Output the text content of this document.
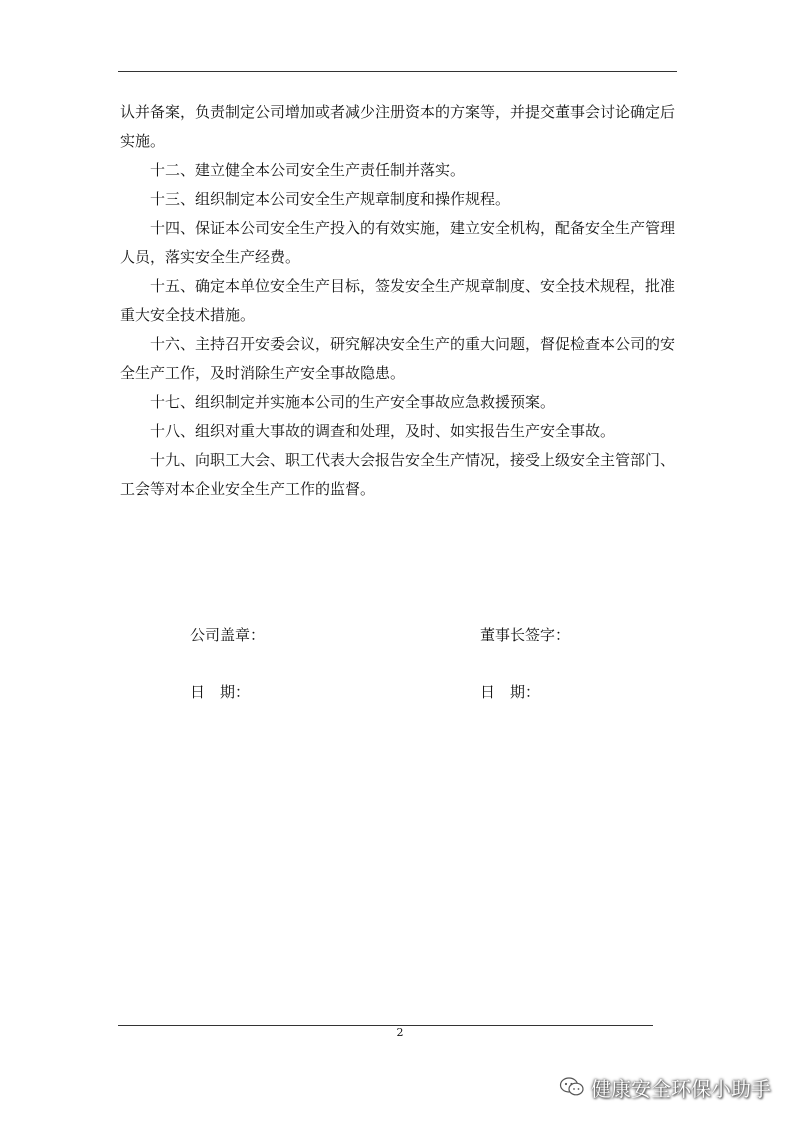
认并备案，负责制定公司增加或者减少注册资本的方案等，并提交董事会讨论确定后实施。

十二、建立健全本公司安全生产责任制并落实。

十三、组织制定本公司安全生产规章制度和操作规程。

十四、保证本公司安全生产投入的有效实施，建立安全机构，配备安全生产管理人员，落实安全生产经费。

十五、确定本单位安全生产目标，签发安全生产规章制度、安全技术规程，批准重大安全技术措施。

十六、主持召开安委会议，研究解决安全生产的重大问题，督促检查本公司的安全生产工作，及时消除生产安全事故隐患。

十七、组织制定并实施本公司的生产安全事故应急救援预案。

十八、组织对重大事故的调查和处理，及时、如实报告生产安全事故。

十九、向职工大会、职工代表大会报告安全生产情况，接受上级安全主管部门、工会等对本企业安全生产工作的监督。

公司盖章：	董事长签字：
日　期：	日　期：
2
健康安全环保小助手
